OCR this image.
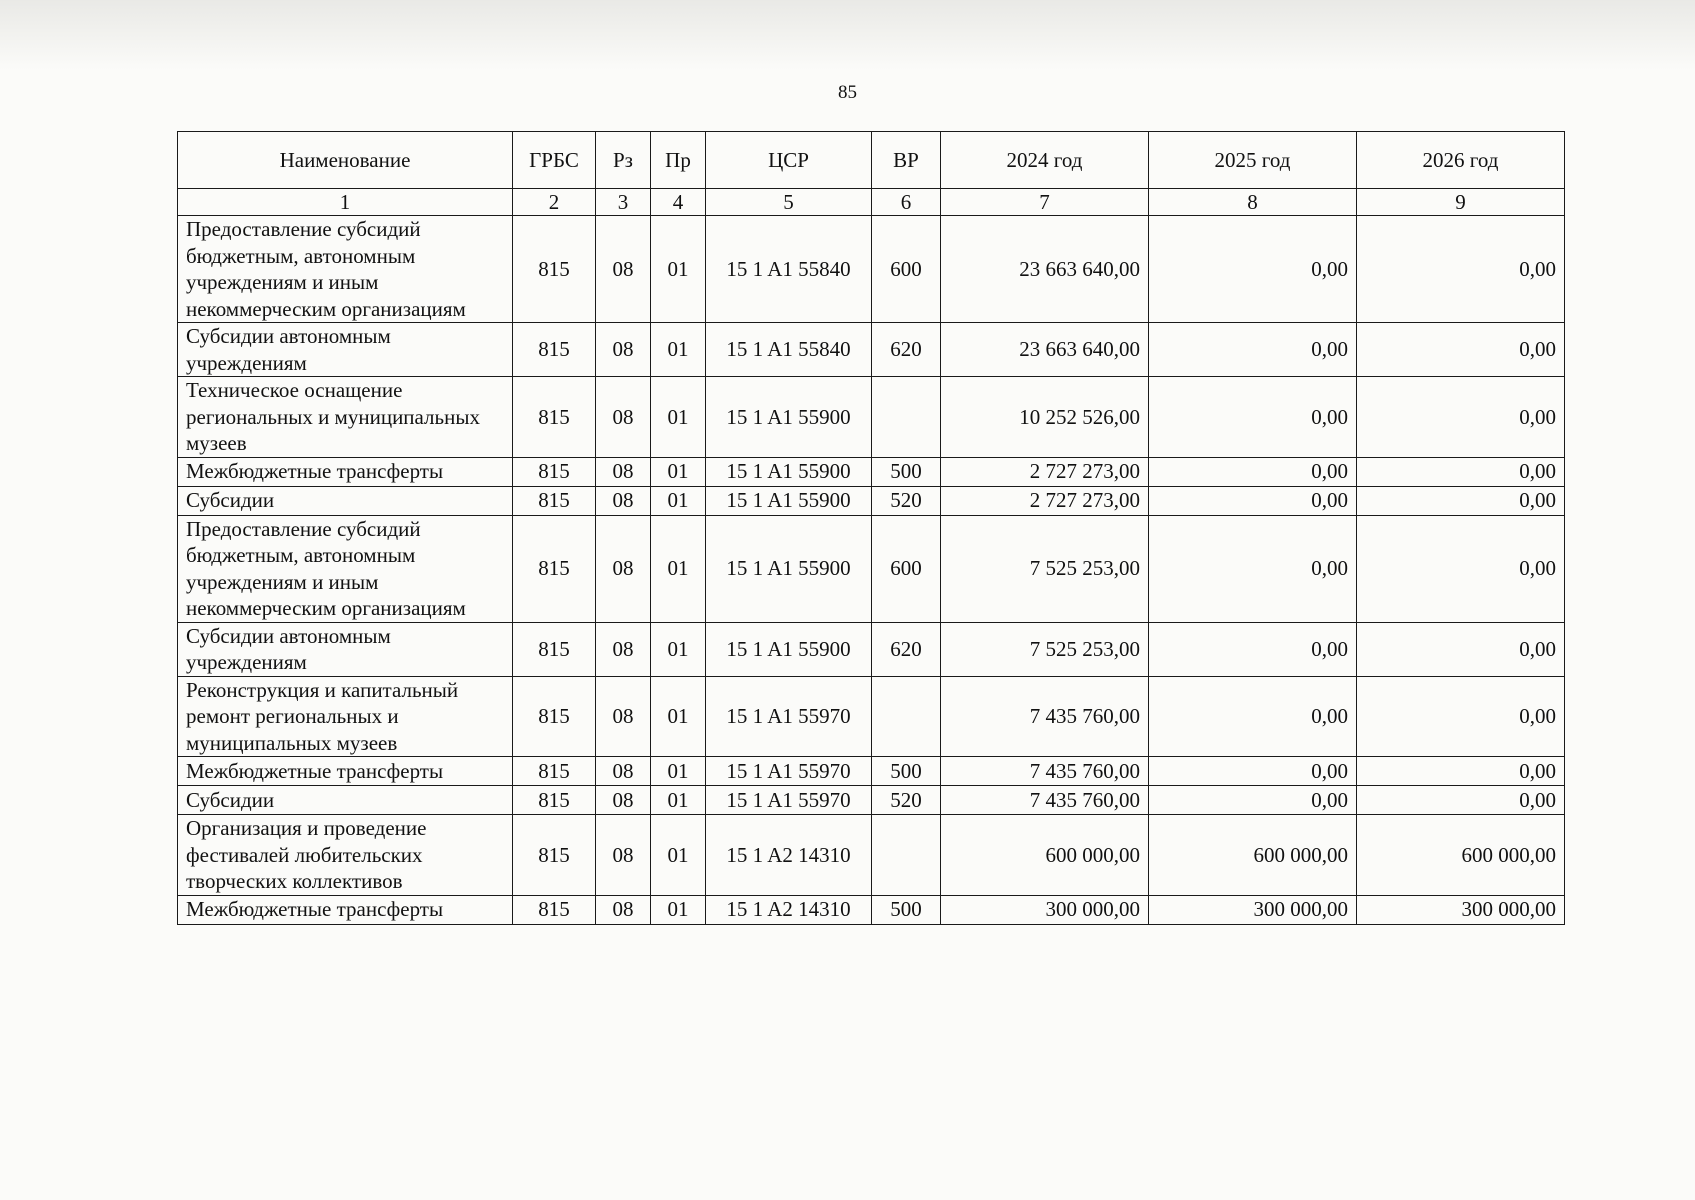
85
Наименование	ГРБС	Рз	Пр	ЦСР	ВР	2024 год	2025 год	2026 год
1	2	3	4	5	6	7	8	9
Предоставление субсидий бюджетным, автономным учреждениям и иным некоммерческим организациям	815	08	01	15 1 A1 55840	600	23 663 640,00	0,00	0,00
Субсидии автономным учреждениям	815	08	01	15 1 A1 55840	620	23 663 640,00	0,00	0,00
Техническое оснащение региональных и муниципальных музеев	815	08	01	15 1 A1 55900		10 252 526,00	0,00	0,00
Межбюджетные трансферты	815	08	01	15 1 A1 55900	500	2 727 273,00	0,00	0,00
Субсидии	815	08	01	15 1 A1 55900	520	2 727 273,00	0,00	0,00
Предоставление субсидий бюджетным, автономным учреждениям и иным некоммерческим организациям	815	08	01	15 1 A1 55900	600	7 525 253,00	0,00	0,00
Субсидии автономным учреждениям	815	08	01	15 1 A1 55900	620	7 525 253,00	0,00	0,00
Реконструкция и капитальный ремонт региональных и муниципальных музеев	815	08	01	15 1 A1 55970		7 435 760,00	0,00	0,00
Межбюджетные трансферты	815	08	01	15 1 A1 55970	500	7 435 760,00	0,00	0,00
Субсидии	815	08	01	15 1 A1 55970	520	7 435 760,00	0,00	0,00
Организация и проведение фестивалей любительских творческих коллективов	815	08	01	15 1 A2 14310		600 000,00	600 000,00	600 000,00
Межбюджетные трансферты	815	08	01	15 1 A2 14310	500	300 000,00	300 000,00	300 000,00
